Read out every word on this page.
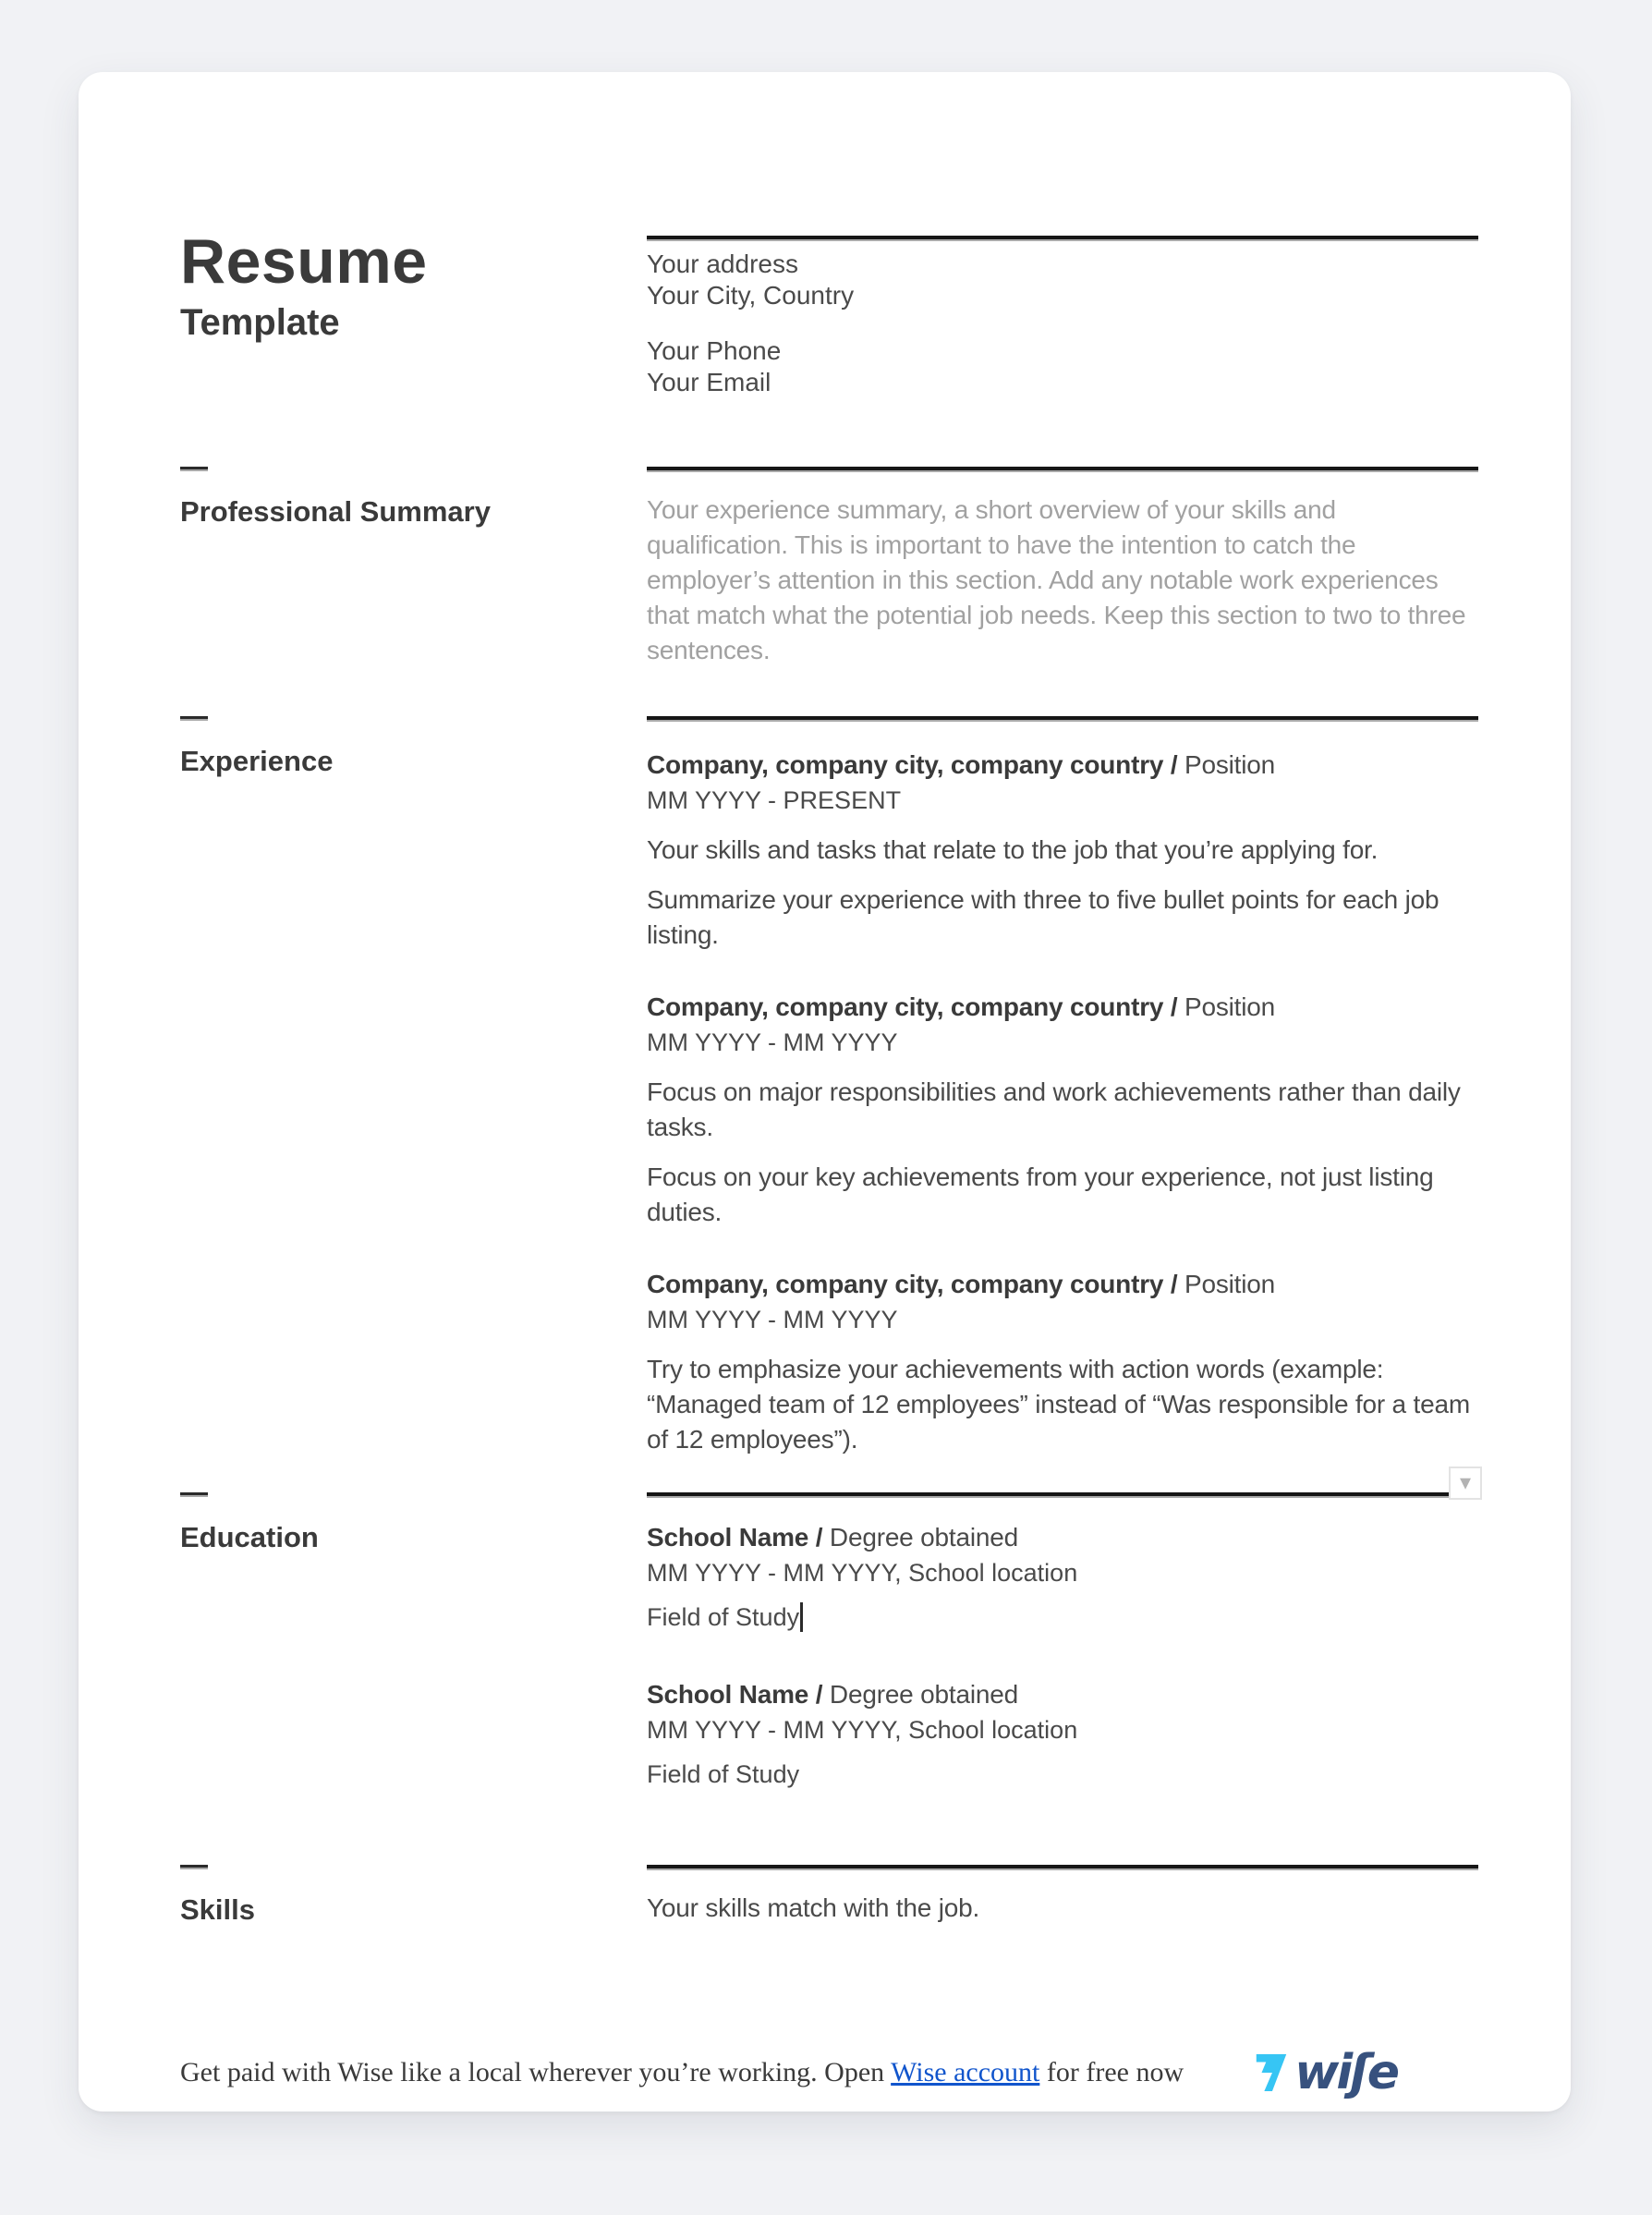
Resume
Template
Your address
Your City, Country
Your Phone
Your Email
Professional Summary	Your experience summary, a short overview of your skills and qualification. This is important to have the intention to catch the employer’s attention in this section. Add any notable work experiences that match what the potential job needs. Keep this section to two to three sentences.
Experience	Company, company city, company country / Position
MM YYYY - PRESENT

Your skills and tasks that relate to the job that you’re applying for.

Summarize your experience with three to five bullet points for each job listing.

Company, company city, company country / Position
MM YYYY - MM YYYY

Focus on major responsibilities and work achievements rather than daily tasks.

Focus on your key achievements from your experience, not just listing duties.

Company, company city, company country / Position
MM YYYY - MM YYYY

Try to emphasize your achievements with action words (example: “Managed team of 12 employees” instead of “Was responsible for a team of 12 employees”).

Education
▾
School Name / Degree obtained
MM YYYY - MM YYYY, School location
Field of Study
School Name / Degree obtained
MM YYYY - MM YYYY, School location
Field of Study
Skills	Your skills match with the job.
Get paid with Wise like a local wherever you’re working. Open Wise account for free now wiʃe
